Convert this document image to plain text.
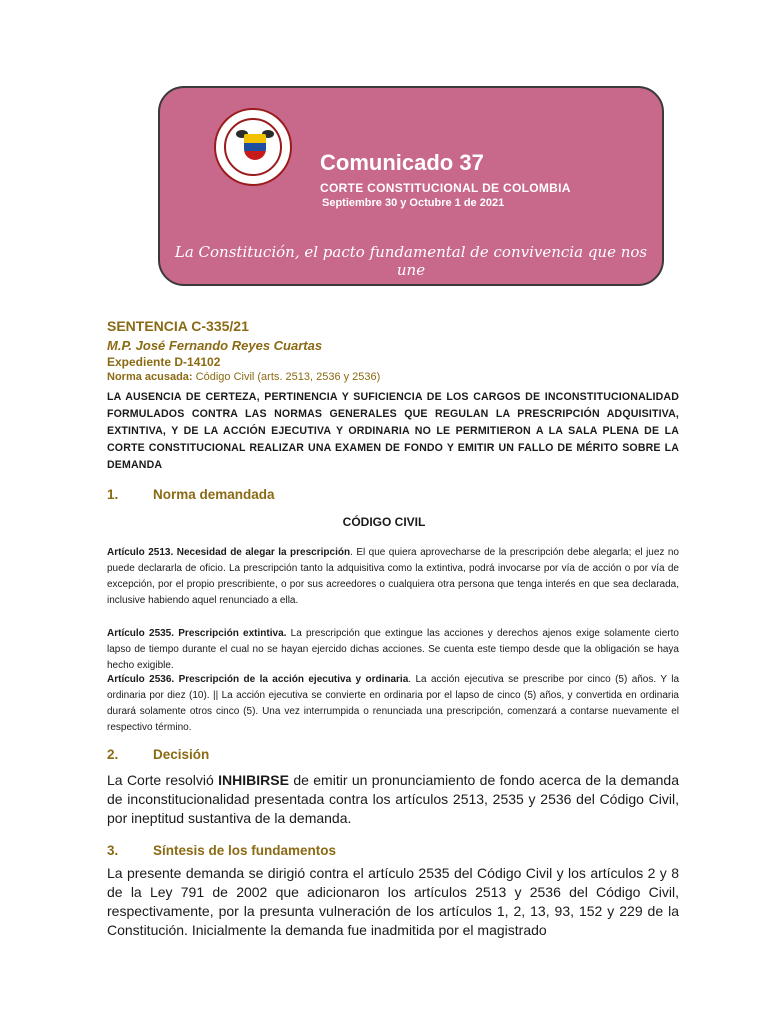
Comunicado 37
CORTE CONSTITUCIONAL DE COLOMBIA
Septiembre 30 y Octubre 1 de 2021
La Constitución, el pacto fundamental de convivencia que nos une
SENTENCIA C-335/21
M.P. José Fernando Reyes Cuartas
Expediente D-14102
Norma acusada: Código Civil (arts. 2513, 2536 y 2536)
LA AUSENCIA DE CERTEZA, PERTINENCIA Y SUFICIENCIA DE LOS CARGOS DE INCONSTITUCIONALIDAD FORMULADOS CONTRA LAS NORMAS GENERALES QUE REGULAN LA PRESCRIPCIÓN ADQUISITIVA, EXTINTIVA, Y DE LA ACCIÓN EJECUTIVA Y ORDINARIA NO LE PERMITIERON A LA SALA PLENA DE LA CORTE CONSTITUCIONAL REALIZAR UNA EXAMEN DE FONDO Y EMITIR UN FALLO DE MÉRITO SOBRE LA DEMANDA
1.	Norma demandada
CÓDIGO CIVIL
Artículo 2513. Necesidad de alegar la prescripción. El que quiera aprovecharse de la prescripción debe alegarla; el juez no puede declararla de oficio. La prescripción tanto la adquisitiva como la extintiva, podrá invocarse por vía de acción o por vía de excepción, por el propio prescribiente, o por sus acreedores o cualquiera otra persona que tenga interés en que sea declarada, inclusive habiendo aquel renunciado a ella.
Artículo 2535. Prescripción extintiva. La prescripción que extingue las acciones y derechos ajenos exige solamente cierto lapso de tiempo durante el cual no se hayan ejercido dichas acciones. Se cuenta este tiempo desde que la obligación se haya hecho exigible.
Artículo 2536. Prescripción de la acción ejecutiva y ordinaria. La acción ejecutiva se prescribe por cinco (5) años. Y la ordinaria por diez (10). || La acción ejecutiva se convierte en ordinaria por el lapso de cinco (5) años, y convertida en ordinaria durará solamente otros cinco (5). Una vez interrumpida o renunciada una prescripción, comenzará a contarse nuevamente el respectivo término.
2.	Decisión
La Corte resolvió INHIBIRSE de emitir un pronunciamiento de fondo acerca de la demanda de inconstitucionalidad presentada contra los artículos 2513, 2535 y 2536 del Código Civil, por ineptitud sustantiva de la demanda.
3.	Síntesis de los fundamentos
La presente demanda se dirigió contra el artículo 2535 del Código Civil y los artículos 2 y 8 de la Ley 791 de 2002 que adicionaron los artículos 2513 y 2536 del Código Civil, respectivamente, por la presunta vulneración de los artículos 1, 2, 13, 93, 152 y 229 de la Constitución. Inicialmente la demanda fue inadmitida por el magistrado
